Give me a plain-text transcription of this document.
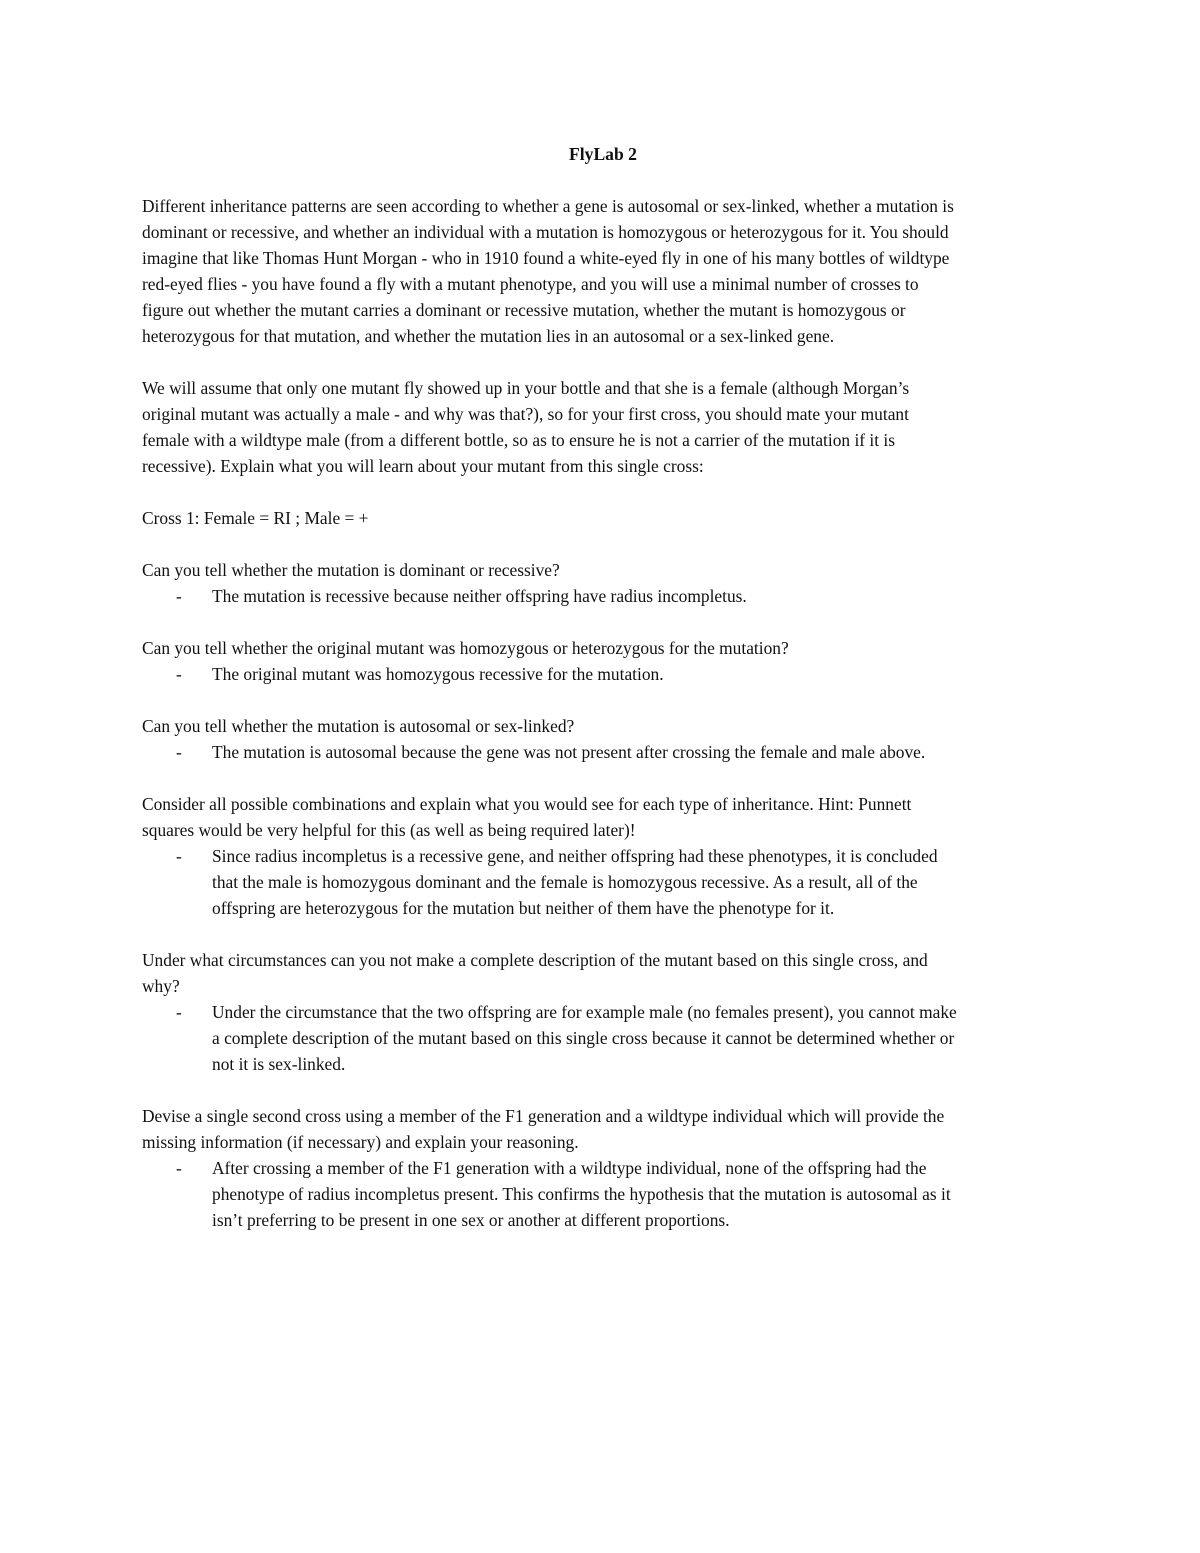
FlyLab 2
Different inheritance patterns are seen according to whether a gene is autosomal or sex-linked, whether a mutation is
dominant or recessive, and whether an individual with a mutation is homozygous or heterozygous for it. You should
imagine that like Thomas Hunt Morgan - who in 1910 found a white-eyed fly in one of his many bottles of wildtype
red-eyed flies - you have found a fly with a mutant phenotype, and you will use a minimal number of crosses to
figure out whether the mutant carries a dominant or recessive mutation, whether the mutant is homozygous or
heterozygous for that mutation, and whether the mutation lies in an autosomal or a sex-linked gene.
We will assume that only one mutant fly showed up in your bottle and that she is a female (although Morgan’s
original mutant was actually a male - and why was that?), so for your first cross, you should mate your mutant
female with a wildtype male (from a different bottle, so as to ensure he is not a carrier of the mutation if it is
recessive). Explain what you will learn about your mutant from this single cross:
Cross 1: Female = RI ; Male = +

Can you tell whether the mutation is dominant or recessive?

- The mutation is recessive because neither offspring have radius incompletus.

Can you tell whether the original mutant was homozygous or heterozygous for the mutation?

- The original mutant was homozygous recessive for the mutation.

Can you tell whether the mutation is autosomal or sex-linked?

- The mutation is autosomal because the gene was not present after crossing the female and male above.

Consider all possible combinations and explain what you would see for each type of inheritance. Hint: Punnett
squares would be very helpful for this (as well as being required later)!

- Since radius incompletus is a recessive gene, and neither offspring had these phenotypes, it is concluded
that the male is homozygous dominant and the female is homozygous recessive. As a result, all of the
offspring are heterozygous for the mutation but neither of them have the phenotype for it.

Under what circumstances can you not make a complete description of the mutant based on this single cross, and
why?

- Under the circumstance that the two offspring are for example male (no females present), you cannot make
a complete description of the mutant based on this single cross because it cannot be determined whether or
not it is sex-linked.

Devise a single second cross using a member of the F1 generation and a wildtype individual which will provide the
missing information (if necessary) and explain your reasoning.

- After crossing a member of the F1 generation with a wildtype individual, none of the offspring had the
phenotype of radius incompletus present. This confirms the hypothesis that the mutation is autosomal as it
isn’t preferring to be present in one sex or another at different proportions.
